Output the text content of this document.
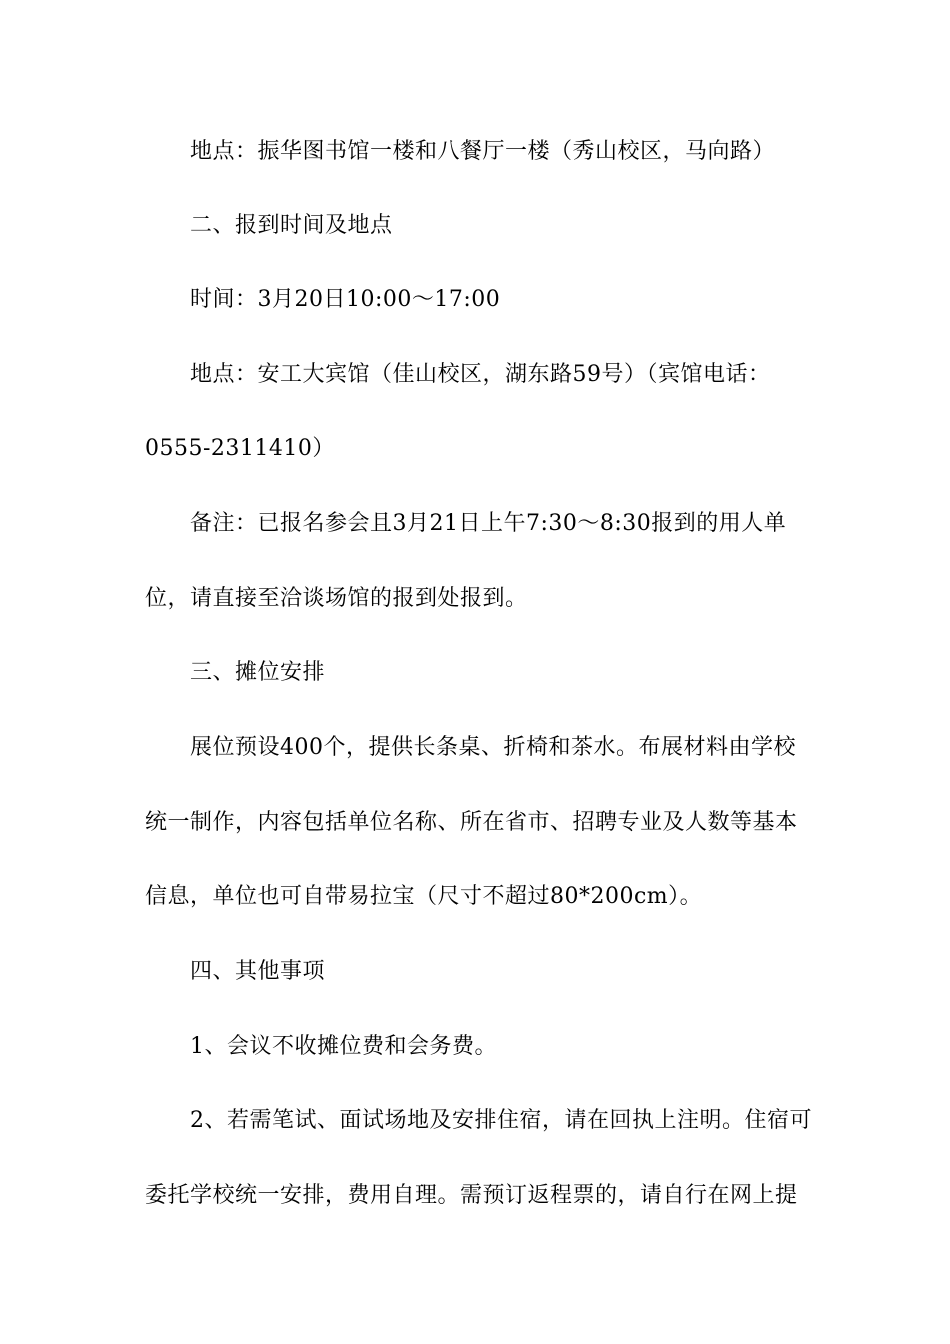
地点：振华图书馆一楼和八餐厅一楼（秀山校区，马向路）
二、报到时间及地点
时间：3月20日10:00～17:00
地点：安工大宾馆（佳山校区，湖东路59号）（宾馆电话：
0555-2311410）
备注：已报名参会且3月21日上午7:30～8:30报到的用人单
位，请直接至洽谈场馆的报到处报到。
三、摊位安排
展位预设400个，提供长条桌、折椅和茶水。布展材料由学校
统一制作，内容包括单位名称、所在省市、招聘专业及人数等基本
信息，单位也可自带易拉宝（尺寸不超过80*200cm）。
四、其他事项
1、会议不收摊位费和会务费。
2、若需笔试、面试场地及安排住宿，请在回执上注明。住宿可
委托学校统一安排，费用自理。需预订返程票的，请自行在网上提
